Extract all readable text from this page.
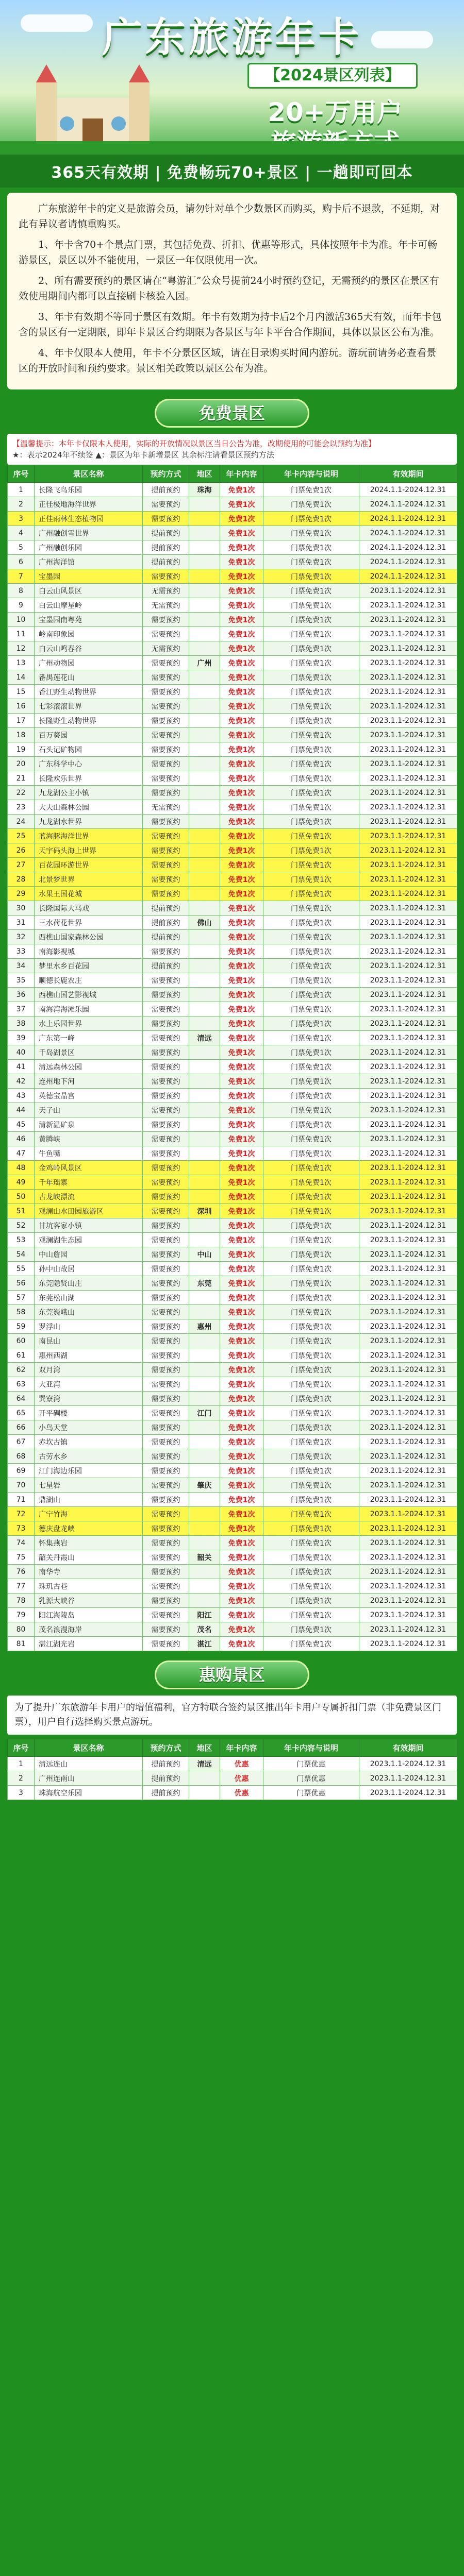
广东旅游年卡
【2024景区列表】
20+万用户
365天有效期 | 免费畅玩70+景区 | 一趟即可回本

广东旅游年卡的定义是旅游会员，请勿针对单个少数景区而购买，购卡后不退款，不延期，对此有异议者请慎重购买。

1、年卡含70+个景点门票，其包括免费、折扣、优惠等形式，具体按照年卡为准。年卡可畅游景区，景区以外不能使用，一景区一年仅限使用一次。

2、所有需要预约的景区请在“粤游汇”公众号提前24小时预约登记，无需预约的景区在景区有效使用期间内都可以直接刷卡核验入园。

3、年卡有效期不等同于景区有效期。年卡有效期为持卡后2个月内激活365天有效，而年卡包含的景区有一定期限，即年卡景区合约期限为各景区与年卡平台合作期间，具体以景区公布为准。

4、年卡仅限本人使用，年卡不分景区区域，请在目录购买时间内游玩。游玩前请务必查看景区的开放时间和预约要求。景区相关政策以景区公布为准。

免费景区
【温馨提示：本年卡仅限本人使用，实际的开放情况以景区当日公告为准，改期使用的可能会以预约为准】
★：表示2024年不续签 ▲：景区为年卡新增景区 其余标注请看景区预约方法
序号	景区名称	预约方式	地区	年卡内容	年卡内容与说明	有效期间
1	长隆飞鸟乐园	提前预约	珠海	免费1次	门票免费1次	2024.1.1-2024.12.31
2	正佳极地海洋世界	需要预约		免费1次	门票免费1次	2024.1.1-2024.12.31
3	正佳雨林生态植物园	需要预约		免费1次	门票免费1次	2024.1.1-2024.12.31
4	广州融创雪世界	提前预约		免费1次	门票免费1次	2024.1.1-2024.12.31
5	广州融创乐园	提前预约		免费1次	门票免费1次	2024.1.1-2024.12.31
6	广州海洋馆	提前预约		免费1次	门票免费1次	2024.1.1-2024.12.31
7	宝墨园	需要预约		免费1次	门票免费1次	2024.1.1-2024.12.31
8	白云山风景区	无需预约		免费1次	门票免费1次	2023.1.1-2024.12.31
9	白云山摩星岭	无需预约		免费1次	门票免费1次	2023.1.1-2024.12.31
10	宝墨园南粤苑	需要预约		免费1次	门票免费1次	2023.1.1-2024.12.31
11	岭南印象园	需要预约		免费1次	门票免费1次	2023.1.1-2024.12.31
12	白云山鸣春谷	无需预约		免费1次	门票免费1次	2023.1.1-2024.12.31
13	广州动物园	需要预约	广州	免费1次	门票免费1次	2023.1.1-2024.12.31
14	番禺莲花山	需要预约		免费1次	门票免费1次	2023.1.1-2024.12.31
15	香江野生动物世界	需要预约		免费1次	门票免费1次	2023.1.1-2024.12.31
16	七彩滚滚世界	需要预约		免费1次	门票免费1次	2023.1.1-2024.12.31
17	长隆野生动物世界	需要预约		免费1次	门票免费1次	2023.1.1-2024.12.31
18	百万葵园	需要预约		免费1次	门票免费1次	2023.1.1-2024.12.31
19	石头记矿物园	需要预约		免费1次	门票免费1次	2023.1.1-2024.12.31
20	广东科学中心	需要预约		免费1次	门票免费1次	2023.1.1-2024.12.31
21	长隆欢乐世界	需要预约		免费1次	门票免费1次	2023.1.1-2024.12.31
22	九龙湖公主小镇	需要预约		免费1次	门票免费1次	2023.1.1-2024.12.31
23	大夫山森林公园	无需预约		免费1次	门票免费1次	2023.1.1-2024.12.31
24	九龙湖水世界	需要预约		免费1次	门票免费1次	2023.1.1-2024.12.31
25	蓝海豚海洋世界	需要预约		免费1次	门票免费1次	2023.1.1-2024.12.31
26	天宇码头海上世界	需要预约		免费1次	门票免费1次	2023.1.1-2024.12.31
27	百花园环游世界	需要预约		免费1次	门票免费1次	2023.1.1-2024.12.31
28	北景梦世界	需要预约		免费1次	门票免费1次	2023.1.1-2024.12.31
29	水果王国花城	需要预约		免费1次	门票免费1次	2023.1.1-2024.12.31
30	长隆国际大马戏	提前预约		免费1次	门票免费1次	2023.1.1-2024.12.31
31	三水荷花世界	提前预约	佛山	免费1次	门票免费1次	2023.1.1-2024.12.31
32	西樵山国家森林公园	提前预约		免费1次	门票免费1次	2023.1.1-2024.12.31
33	南海影视城	需要预约		免费1次	门票免费1次	2023.1.1-2024.12.31
34	梦里水乡百花园	提前预约		免费1次	门票免费1次	2023.1.1-2024.12.31
35	顺德长鹿农庄	需要预约		免费1次	门票免费1次	2023.1.1-2024.12.31
36	西樵山国艺影视城	需要预约		免费1次	门票免费1次	2023.1.1-2024.12.31
37	南海湾海滩乐园	需要预约		免费1次	门票免费1次	2023.1.1-2024.12.31
38	水上乐园世界	需要预约		免费1次	门票免费1次	2023.1.1-2024.12.31
39	广东第一峰	需要预约	清远	免费1次	门票免费1次	2023.1.1-2024.12.31
40	千岛湖景区	需要预约		免费1次	门票免费1次	2023.1.1-2024.12.31
41	清远森林公园	需要预约		免费1次	门票免费1次	2023.1.1-2024.12.31
42	连州地下河	需要预约		免费1次	门票免费1次	2023.1.1-2024.12.31
43	英德宝晶宫	需要预约		免费1次	门票免费1次	2023.1.1-2024.12.31
44	天子山	需要预约		免费1次	门票免费1次	2023.1.1-2024.12.31
45	清新温矿泉	需要预约		免费1次	门票免费1次	2023.1.1-2024.12.31
46	黄腾峡	需要预约		免费1次	门票免费1次	2023.1.1-2024.12.31
47	牛鱼嘴	需要预约		免费1次	门票免费1次	2023.1.1-2024.12.31
48	金鸡岭风景区	需要预约		免费1次	门票免费1次	2023.1.1-2024.12.31
49	千年瑶寨	需要预约		免费1次	门票免费1次	2023.1.1-2024.12.31
50	古龙峡漂流	需要预约		免费1次	门票免费1次	2023.1.1-2024.12.31
51	观澜山水田园旅游区	需要预约	深圳	免费1次	门票免费1次	2023.1.1-2024.12.31
52	甘坑客家小镇	需要预约		免费1次	门票免费1次	2023.1.1-2024.12.31
53	观澜湖生态园	需要预约		免费1次	门票免费1次	2023.1.1-2024.12.31
54	中山詹园	需要预约	中山	免费1次	门票免费1次	2023.1.1-2024.12.31
55	孙中山故居	需要预约		免费1次	门票免费1次	2023.1.1-2024.12.31
56	东莞隐贤山庄	需要预约	东莞	免费1次	门票免费1次	2023.1.1-2024.12.31
57	东莞松山湖	需要预约		免费1次	门票免费1次	2023.1.1-2024.12.31
58	东莞巍峨山	需要预约		免费1次	门票免费1次	2023.1.1-2024.12.31
59	罗浮山	需要预约	惠州	免费1次	门票免费1次	2023.1.1-2024.12.31
60	南昆山	需要预约		免费1次	门票免费1次	2023.1.1-2024.12.31
61	惠州西湖	需要预约		免费1次	门票免费1次	2023.1.1-2024.12.31
62	双月湾	需要预约		免费1次	门票免费1次	2023.1.1-2024.12.31
63	大亚湾	需要预约		免费1次	门票免费1次	2023.1.1-2024.12.31
64	巽寮湾	需要预约		免费1次	门票免费1次	2023.1.1-2024.12.31
65	开平碉楼	需要预约	江门	免费1次	门票免费1次	2023.1.1-2024.12.31
66	小鸟天堂	需要预约		免费1次	门票免费1次	2023.1.1-2024.12.31
67	赤坎古镇	需要预约		免费1次	门票免费1次	2023.1.1-2024.12.31
68	古劳水乡	需要预约		免费1次	门票免费1次	2023.1.1-2024.12.31
69	江门海边乐园	需要预约		免费1次	门票免费1次	2023.1.1-2024.12.31
70	七星岩	需要预约	肇庆	免费1次	门票免费1次	2023.1.1-2024.12.31
71	鼎湖山	需要预约		免费1次	门票免费1次	2023.1.1-2024.12.31
72	广宁竹海	需要预约		免费1次	门票免费1次	2023.1.1-2024.12.31
73	德庆盘龙峡	需要预约		免费1次	门票免费1次	2023.1.1-2024.12.31
74	怀集燕岩	需要预约		免费1次	门票免费1次	2023.1.1-2024.12.31
75	韶关丹霞山	需要预约	韶关	免费1次	门票免费1次	2023.1.1-2024.12.31
76	南华寺	需要预约		免费1次	门票免费1次	2023.1.1-2024.12.31
77	珠玑古巷	需要预约		免费1次	门票免费1次	2023.1.1-2024.12.31
78	乳源大峡谷	需要预约		免费1次	门票免费1次	2023.1.1-2024.12.31
79	阳江海陵岛	需要预约	阳江	免费1次	门票免费1次	2023.1.1-2024.12.31
80	茂名浪漫海岸	需要预约	茂名	免费1次	门票免费1次	2023.1.1-2024.12.31
81	湛江湖光岩	需要预约	湛江	免费1次	门票免费1次	2023.1.1-2024.12.31
惠购景区
为了提升广东旅游年卡用户的增值福利，官方特联合签约景区推出年卡用户专属折扣门票（非免费景区门票），用户自行选择购买景点游玩。
序号	景区名称	预约方式	地区	年卡内容	年卡内容与说明	有效期间
1	清远连山	提前预约	清远	优惠	门票优惠	2023.1.1-2024.12.31
2	广州连南山	提前预约		优惠	门票优惠	2023.1.1-2024.12.31
3	珠海航空乐园	提前预约		优惠	门票优惠	2023.1.1-2024.12.31
